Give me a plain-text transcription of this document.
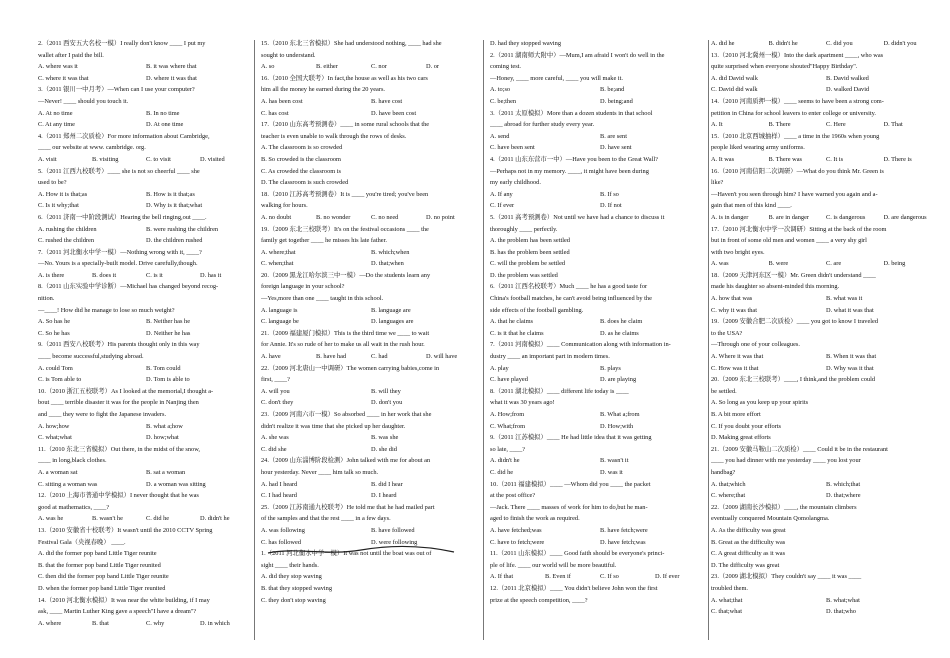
2.（2011 西安五大名校一模）I really don't know ____ I put my

wallet after I paid the bill.

A. where was it	B. it was where that
C. where it was that	D. where it was that

3.（2011 银川一中月考）—When can I use your computer?

—Never! ____ should you touch it.

A. At no time	B. In no time
C. At any time	D. At one time

4.（2011 郑州二次质检）For more information about Cambridge,

____ our website at www. cambridge. org.

A. visit	B. visiting	C. to visit	D. visited

5.（2011 江西九校联考）____ she is not so cheerful ____ she

used to be?

A. How it is that;as	B. How is it that;as
C. Is it why;that	D. Why is it that;what

6.（2011 济南一中阶段测试）Hearing the bell ringing,out ____.

A. rushing the children	B. were rushing the children
C. rushed the children	D. the children rushed

7.（2011 河北衡水中学一模）—Nothing wrong with it, ____?

—No. Yours is a specially-built model. Drive carefully,though.

A. is there	B. does it	C. is it	D. has it

8.（2011 山东实验中学诊断）—Michael has changed beyond recog-

nition.

—____! How did he manage to lose so much weight?

A. So has he	B. Neither has he
C. So he has	D. Neither he has

9.（2011 西安八校联考）His parents thought only in this way

____ become successful,studying abroad.

A. could Tom	B. Tom could
C. is Tom able to	D. Tom is able to

10.（2010 浙江五校联考）As I looked at the memorial,I thought a-

bout ____ terrible disaster it was for the people in Nanjing then

and ____ they were to fight the Japanese invaders.

A. how;how	B. what a;how
C. what;what	D. how;what

11.（2010 东北三省模拟）Out there, in the midst of the snow,

____ in long,black clothes.

A. a woman sat	B. sat a woman
C. sitting a woman was	D. a woman was sitting

12.（2010 上海市普通中学模拟）I never thought that he was

good at mathematics, ____?

A. was he	B. wasn't he	C. did he	D. didn't he

13.（2010 安徽省十校联考）It wasn't until the 2010 CCTV Spring

Festival Gala（央视春晚） ____.

A. did the former pop band Little Tiger reunite
B. that the former pop band Little Tiger reunited
C. then did the former pop band Little Tiger reunite
D. when the former pop band Little Tiger reunited

14.（2010 河北衡水模拟）It was near the white building, if I may

ask, ____ Martin Luther King gave a speech"I have a dream"?

A. where	B. that	C. why	D. in which

15.（2010 东北三省模拟）She had understood nothing, ____ had she

sought to understand.

A. so	B. either	C. nor	D. or

16.（2010 全国大联考）In fact,the house as well as his two cars

him all the money he earned during the 20 years.

A. has been cost	B. have cost
C. has cost	D. have been cost

17.（2010 山东高考预测卷）____ in some rural schools that the

teacher is even unable to walk through the rows of desks.

A. The classroom is so crowded
B. So crowded is the classroom
C. As crowded the classroom is
D. The classroom is such crowded

18.（2010 江苏高考预测卷）It is ____ you're tired; you've been

walking for hours.

A. no doubt	B. no wonder	C. no need	D. no point

19.（2009 东北三校联考）It's on the festival occasions ____ the

family get together ____ he misses his late father.

A. where;that	B. which;when
C. when;that	D. that;when

20.（2009 黑龙江哈尔滨三中一模）—Do the students learn any

foreign language in your school?

—Yes,more than one ____ taught in this school.

A. language is	B. language are
C. language be	D. languages are

21.（2009 福建厦门模拟）This is the third time we ____ to wait

for Annie. It's so rude of her to make us all wait in the rush hour.

A. have	B. have had	C. had	D. will have

22.（2009 河北唐山一中调研）The women carrying babies,come in

first, ____?

A. will you	B. will they
C. don't they	D. don't you

23.（2009 河南六市一模）So absorbed ____ in her work that she

didn't realize it was time that she picked up her daughter.

A. she was	B. was she
C. did she	D. she did

24.（2009 山东淄博阶段检测）John talked with me for about an

hour yesterday. Never ____ him talk so much.

A. had I heard	B. did I hear
C. I had heard	D. I heard

25.（2009 江苏南通九校联考）He told me that he had mailed part

of the samples and that the rest ____ in a few days.

A. was following	B. have followed
C. has followed	D. were following

1.（2011 河北衡水中学一模）It was not until the boat was out of

sight ____ their hands.

A. did they stop waving
B. that they stopped waving
C. they don't stop waving

D. had they stopped waving

2.（2011 湖南师大附中）—Mum,I am afraid I won't do well in the

coming test.

—Honey, ____ more careful, ____ you will make it.

A. to;so	B. be;and
C. be;then	D. being;and

3.（2011 太原模拟）More than a dozen students in that school

____ abroad for further study every year.

A. send	B. are sent
C. have been sent	D. have sent

4.（2011 山东东营市一中）—Have you been to the Great Wall?

—Perhaps not in my memory. ____, it might have been during

my early childhood.

A. If any	B. If so
C. If ever	D. If not

5.（2011 高考预测卷）Not until we have had a chance to discuss it

thoroughly ____ perfectly.

A. the problem has been settled
B. has the problem been settled
C. will the problem be settled
D. the problem was settled

6.（2011 江西名校联考）Much ____ he has a good taste for

China's football matches, he can't avoid being influenced by the

side effects of the football gambling.

A. that he claims	B. does he claim
C. is it that he claims	D. as he claims

7.（2011 河南模拟）____ Communication along with information in-

dustry ____ an important part in modern times.

A. play	B. plays
C. have played	D. are playing

8.（2011 湖北模拟）____ different life today is ____

what it was 30 years ago!

A. How;from	B. What a;from
C. What;from	D. How;with

9.（2011 江苏模拟）____ He had little idea that it was getting

so late, ____?

A. didn't he	B. wasn't it
C. did he	D. was it

10.（2011 福建模拟）____ —Whom did you ____ the packet

at the post office?

—Jack. There ____ masses of work for him to do,but he man-

aged to finish the work as required.

A. have fetched;was	B. have fetch;were
C. have to fetch;were	D. have fetch;was

11.（2011 山东模拟）____ Good faith should be everyone's princi-

ple of life. ____ our world will be more beautiful.

A. If that	B. Even if	C. If so	D. If ever

12.（2011 北京模拟）____ You didn't believe John won the first

prize at the speech competition, ____?

A. did he	B. didn't he	C. did you	D. didn't you

13.（2010 河北冀州一模）Into the dark apartment ____, who was

quite surprised when everyone shouted"Happy Birthday".

A. did David walk	B. David walked
C. David did walk	D. walked David

14.（2010 河南质押一模）____ seems to have been a strong com-

petition in China for school leavers to enter college or university.

A. It	B. There	C. Here	D. That

15.（2010 北京西城抽样）____ a time in the 1960s when young

people liked wearing army uniforms.

A. It was	B. There was	C. It is	D. There is

16.（2010 河南信阳二次调研）—What do you think Mr. Green is

like?

—Haven't you seen through him? I have warned you again and a-

gain that men of this kind ____.

A. is in danger	B. are in danger	C. is dangerous	D. are dangerous

17.（2010 河北衡水中学一次调研）Sitting at the back of the room

but in front of some old men and women ____ a very shy girl

with two bright eyes.

A. was	B. were	C. are	D. being

18.（2009 天津河东区一模）Mr. Green didn't understand ____

made his daughter so absent-minded this morning.

A. how that was	B. what was it
C. why it was that	D. what it was that

19.（2009 安徽合肥二次质检）____ you got to know I traveled

to the USA?

—Through one of your colleagues.

A. Where it was that	B. When it was that
C. How was it that	D. Why was it that

20.（2009 东北三校联考）____, I think,and the problem could

be settled.

A. So long as you keep up your spirits
B. A bit more effort
C. If you doubt your efforts
D. Making great efforts

21.（2009 安徽马鞍山二次质检）____ Could it be in the restaurant

____ you had dinner with me yesterday ____ you lost your

handbag?

A. that;which	B. which;that
C. where;that	D. that;where

22.（2009 湖南长沙模拟）____, the mountain climbers

eventually conquered Mountain Qomolangma.

A. As the difficulty was great
B. Great as the difficulty was
C. A great difficulty as it was
D. The difficulty was great

23.（2009 湖北模拟）They couldn't say ____ it was ____

troubled them.

A. what;that	B. what;what
C. that;what	D. that;who
